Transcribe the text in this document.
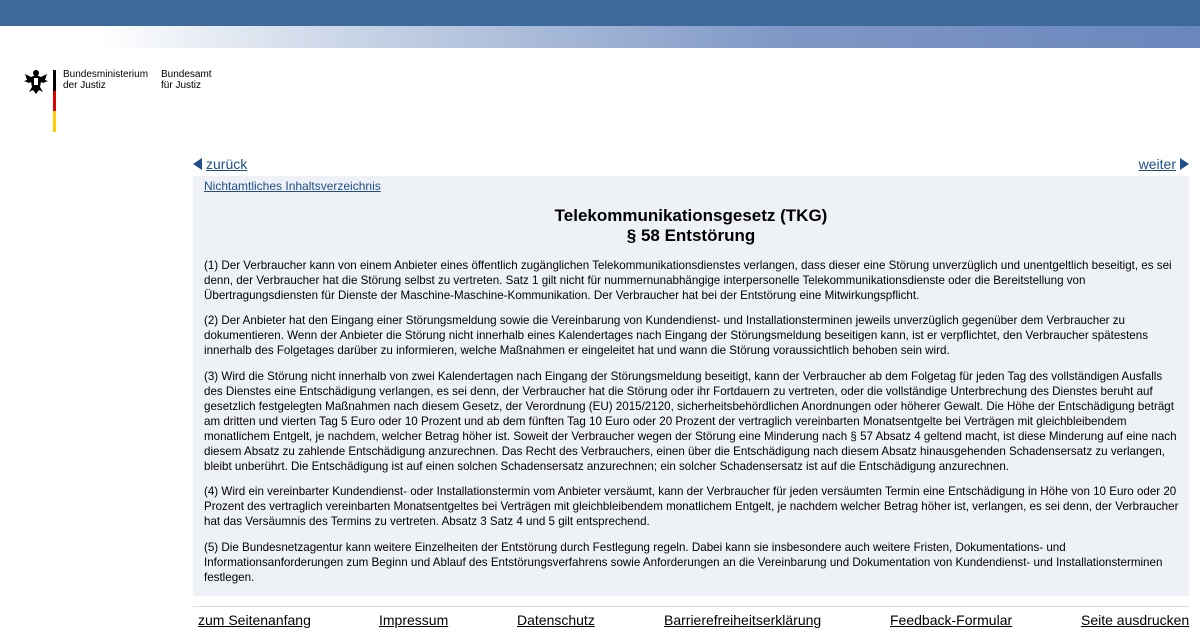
Bundesministerium
der Justiz
Bundesamt
für Justiz
zurück	weiter
Nichtamtliches Inhaltsverzeichnis
Telekommunikationsgesetz (TKG)
§ 58 Entstörung

(1) Der Verbraucher kann von einem Anbieter eines öffentlich zugänglichen Telekommunikationsdienstes verlangen, dass dieser eine Störung unverzüglich und unentgeltlich beseitigt, es sei denn, der Verbraucher hat die Störung selbst zu vertreten. Satz 1 gilt nicht für nummernunabhängige interpersonelle Telekommunikationsdienste oder die Bereitstellung von Übertragungsdiensten für Dienste der Maschine-Maschine-Kommunikation. Der Verbraucher hat bei der Entstörung eine Mitwirkungspflicht.

(2) Der Anbieter hat den Eingang einer Störungsmeldung sowie die Vereinbarung von Kundendienst- und Installationsterminen jeweils unverzüglich gegenüber dem Verbraucher zu dokumentieren. Wenn der Anbieter die Störung nicht innerhalb eines Kalendertages nach Eingang der Störungsmeldung beseitigen kann, ist er verpflichtet, den Verbraucher spätestens innerhalb des Folgetages darüber zu informieren, welche Maßnahmen er eingeleitet hat und wann die Störung voraussichtlich behoben sein wird.

(3) Wird die Störung nicht innerhalb von zwei Kalendertagen nach Eingang der Störungsmeldung beseitigt, kann der Verbraucher ab dem Folgetag für jeden Tag des vollständigen Ausfalls des Dienstes eine Entschädigung verlangen, es sei denn, der Verbraucher hat die Störung oder ihr Fortdauern zu vertreten, oder die vollständige Unterbrechung des Dienstes beruht auf gesetzlich festgelegten Maßnahmen nach diesem Gesetz, der Verordnung (EU) 2015/2120, sicherheitsbehördlichen Anordnungen oder höherer Gewalt. Die Höhe der Entschädigung beträgt am dritten und vierten Tag 5 Euro oder 10 Prozent und ab dem fünften Tag 10 Euro oder 20 Prozent der vertraglich vereinbarten Monatsentgelte bei Verträgen mit gleichbleibendem monatlichem Entgelt, je nachdem, welcher Betrag höher ist. Soweit der Verbraucher wegen der Störung eine Minderung nach § 57 Absatz 4 geltend macht, ist diese Minderung auf eine nach diesem Absatz zu zahlende Entschädigung anzurechnen. Das Recht des Verbrauchers, einen über die Entschädigung nach diesem Absatz hinausgehenden Schadensersatz zu verlangen, bleibt unberührt. Die Entschädigung ist auf einen solchen Schadensersatz anzurechnen; ein solcher Schadensersatz ist auf die Entschädigung anzurechnen.

(4) Wird ein vereinbarter Kundendienst- oder Installationstermin vom Anbieter versäumt, kann der Verbraucher für jeden versäumten Termin eine Entschädigung in Höhe von 10 Euro oder 20 Prozent des vertraglich vereinbarten Monatsentgeltes bei Verträgen mit gleichbleibendem monatlichem Entgelt, je nachdem welcher Betrag höher ist, verlangen, es sei denn, der Verbraucher hat das Versäumnis des Termins zu vertreten. Absatz 3 Satz 4 und 5 gilt entsprechend.

(5) Die Bundesnetzagentur kann weitere Einzelheiten der Entstörung durch Festlegung regeln. Dabei kann sie insbesondere auch weitere Fristen, Dokumentations- und Informationsanforderungen zum Beginn und Ablauf des Entstörungsverfahrens sowie Anforderungen an die Vereinbarung und Dokumentation von Kundendienst- und Installationsterminen festlegen.

zum Seitenanfang	Impressum	Datenschutz	Barrierefreiheitserklärung	Feedback-Formular	Seite ausdrucken
